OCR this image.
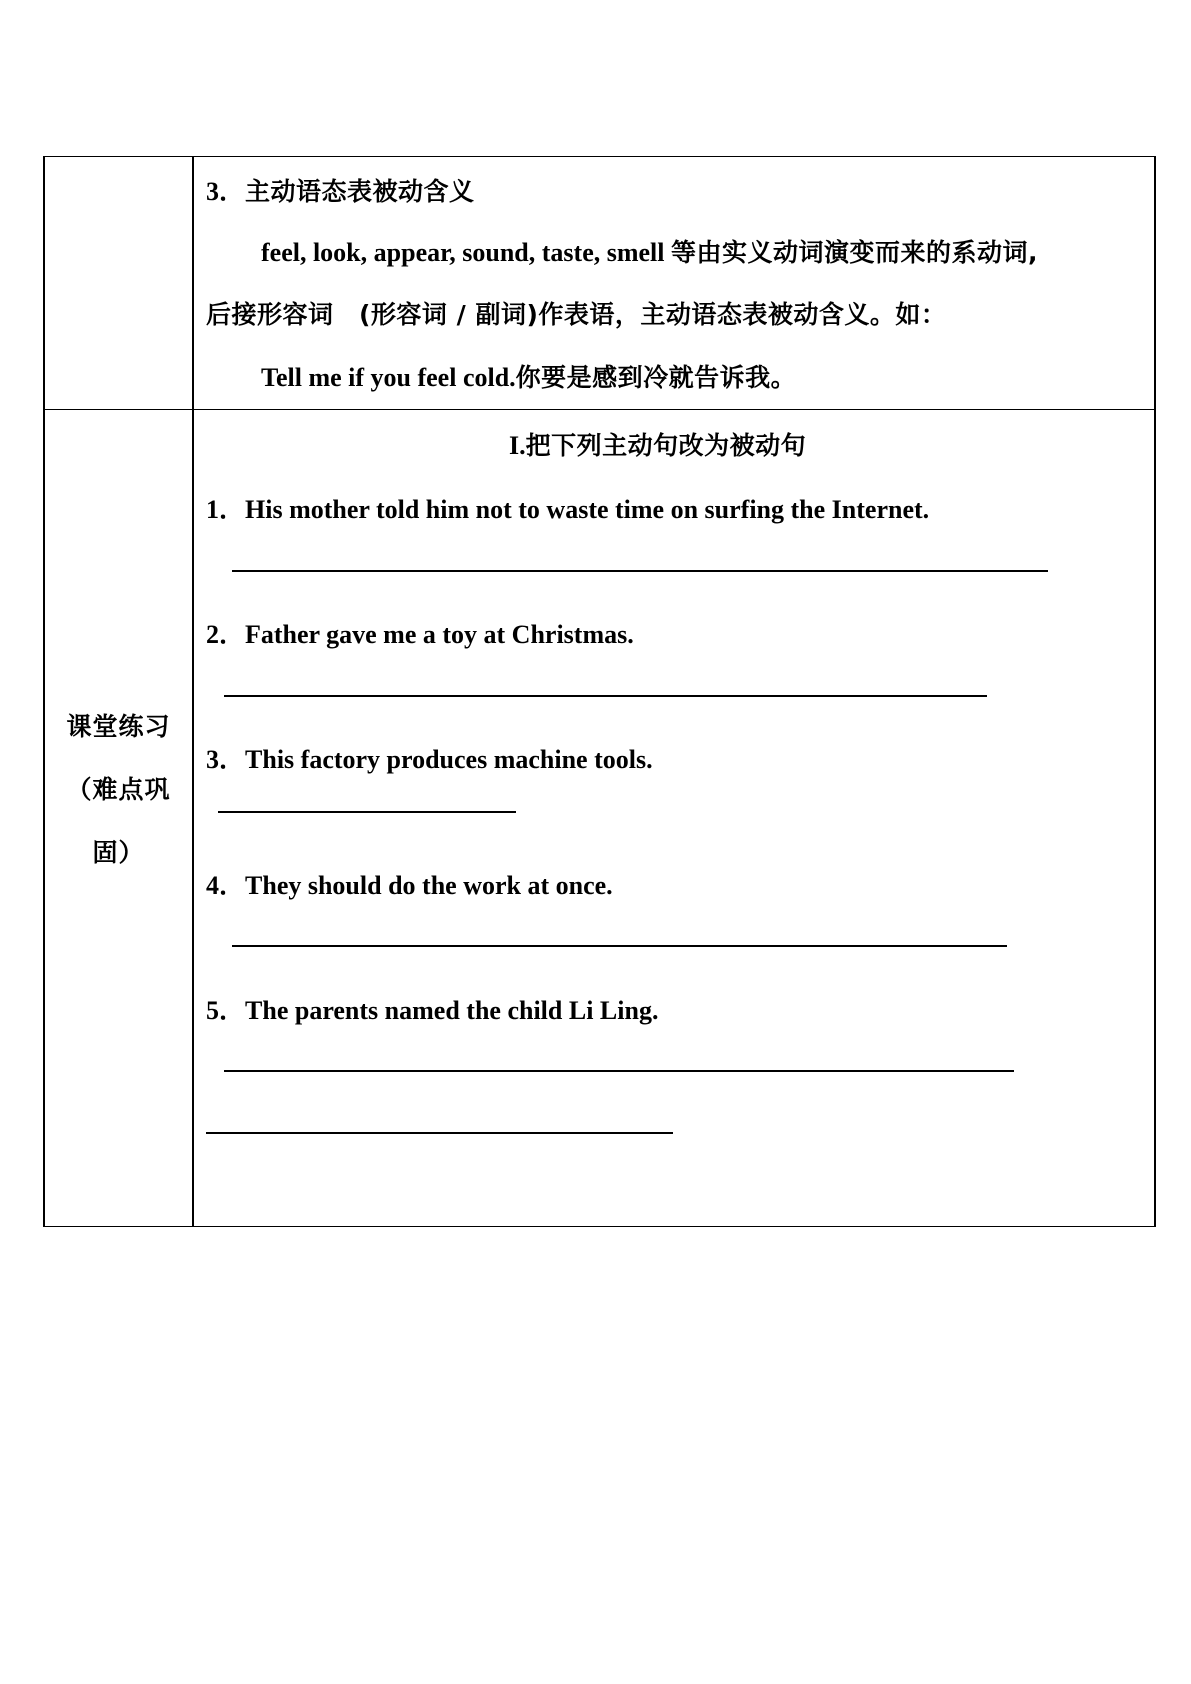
3．主动语态表被动含义
feel, look, appear, sound, taste, smell 等由实义动词演变而来的系动词,
后接形容词　(形容词 / 副词)作表语，主动语态表被动含义。如：
Tell me if you feel cold.你要是感到冷就告诉我。
课堂练习
（难点巩
固）
I.把下列主动句改为被动句
1．His mother told him not to waste time on surfing the Internet.
2．Father gave me a toy at Christmas.
3．This factory produces machine tools.
4．They should do the work at once.
5．The parents named the child Li Ling.
